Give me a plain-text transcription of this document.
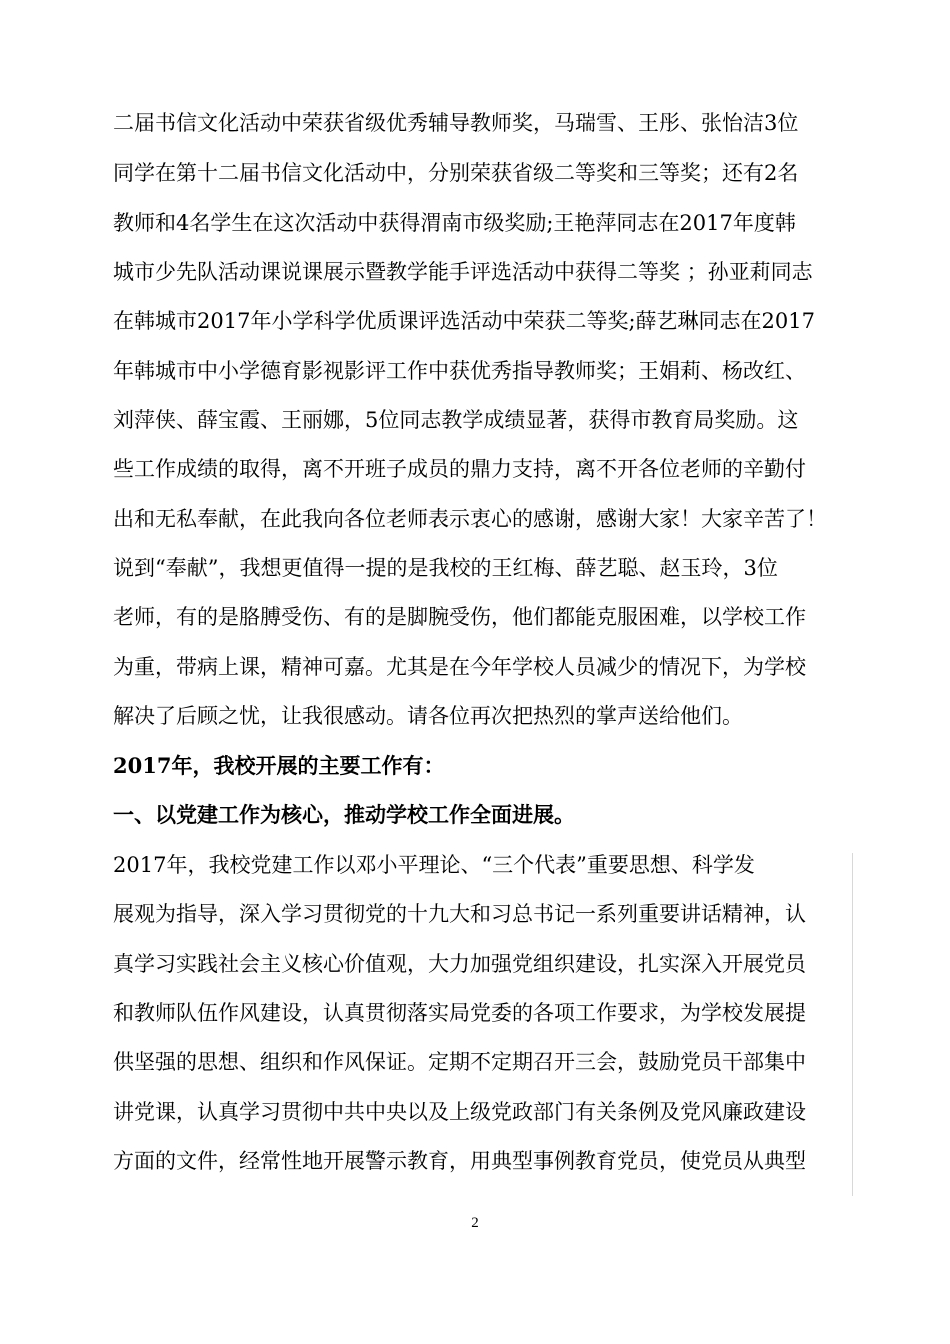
二届书信文化活动中荣获省级优秀辅导教师奖，马瑞雪、王彤、张怡洁3位
同学在第十二届书信文化活动中，分别荣获省级二等奖和三等奖；还有2名
教师和4名学生在这次活动中获得渭南市级奖励;王艳萍同志在2017年度韩
城市少先队活动课说课展示暨教学能手评选活动中获得二等奖 ；孙亚莉同志
在韩城市2017年小学科学优质课评选活动中荣获二等奖;薛艺琳同志在2017
年韩城市中小学德育影视影评工作中获优秀指导教师奖；王娟莉、杨改红、
刘萍侠、薛宝霞、王丽娜，5位同志教学成绩显著，获得市教育局奖励。这
些工作成绩的取得，离不开班子成员的鼎力支持，离不开各位老师的辛勤付
出和无私奉献，在此我向各位老师表示衷心的感谢，感谢大家！大家辛苦了！
说到“奉献”，我想更值得一提的是我校的王红梅、薛艺聪、赵玉玲，3位
老师，有的是胳膊受伤、有的是脚腕受伤，他们都能克服困难，以学校工作
为重，带病上课，精神可嘉。尤其是在今年学校人员减少的情况下，为学校
解决了后顾之忧，让我很感动。请各位再次把热烈的掌声送给他们。
2017年，我校开展的主要工作有：
一、以党建工作为核心，推动学校工作全面进展。
2017年，我校党建工作以邓小平理论、“三个代表”重要思想、科学发
展观为指导，深入学习贯彻党的十九大和习总书记一系列重要讲话精神，认
真学习实践社会主义核心价值观，大力加强党组织建设，扎实深入开展党员
和教师队伍作风建设，认真贯彻落实局党委的各项工作要求，为学校发展提
供坚强的思想、组织和作风保证。定期不定期召开三会，鼓励党员干部集中
讲党课，认真学习贯彻中共中央以及上级党政部门有关条例及党风廉政建设
方面的文件，经常性地开展警示教育，用典型事例教育党员，使党员从典型
2
